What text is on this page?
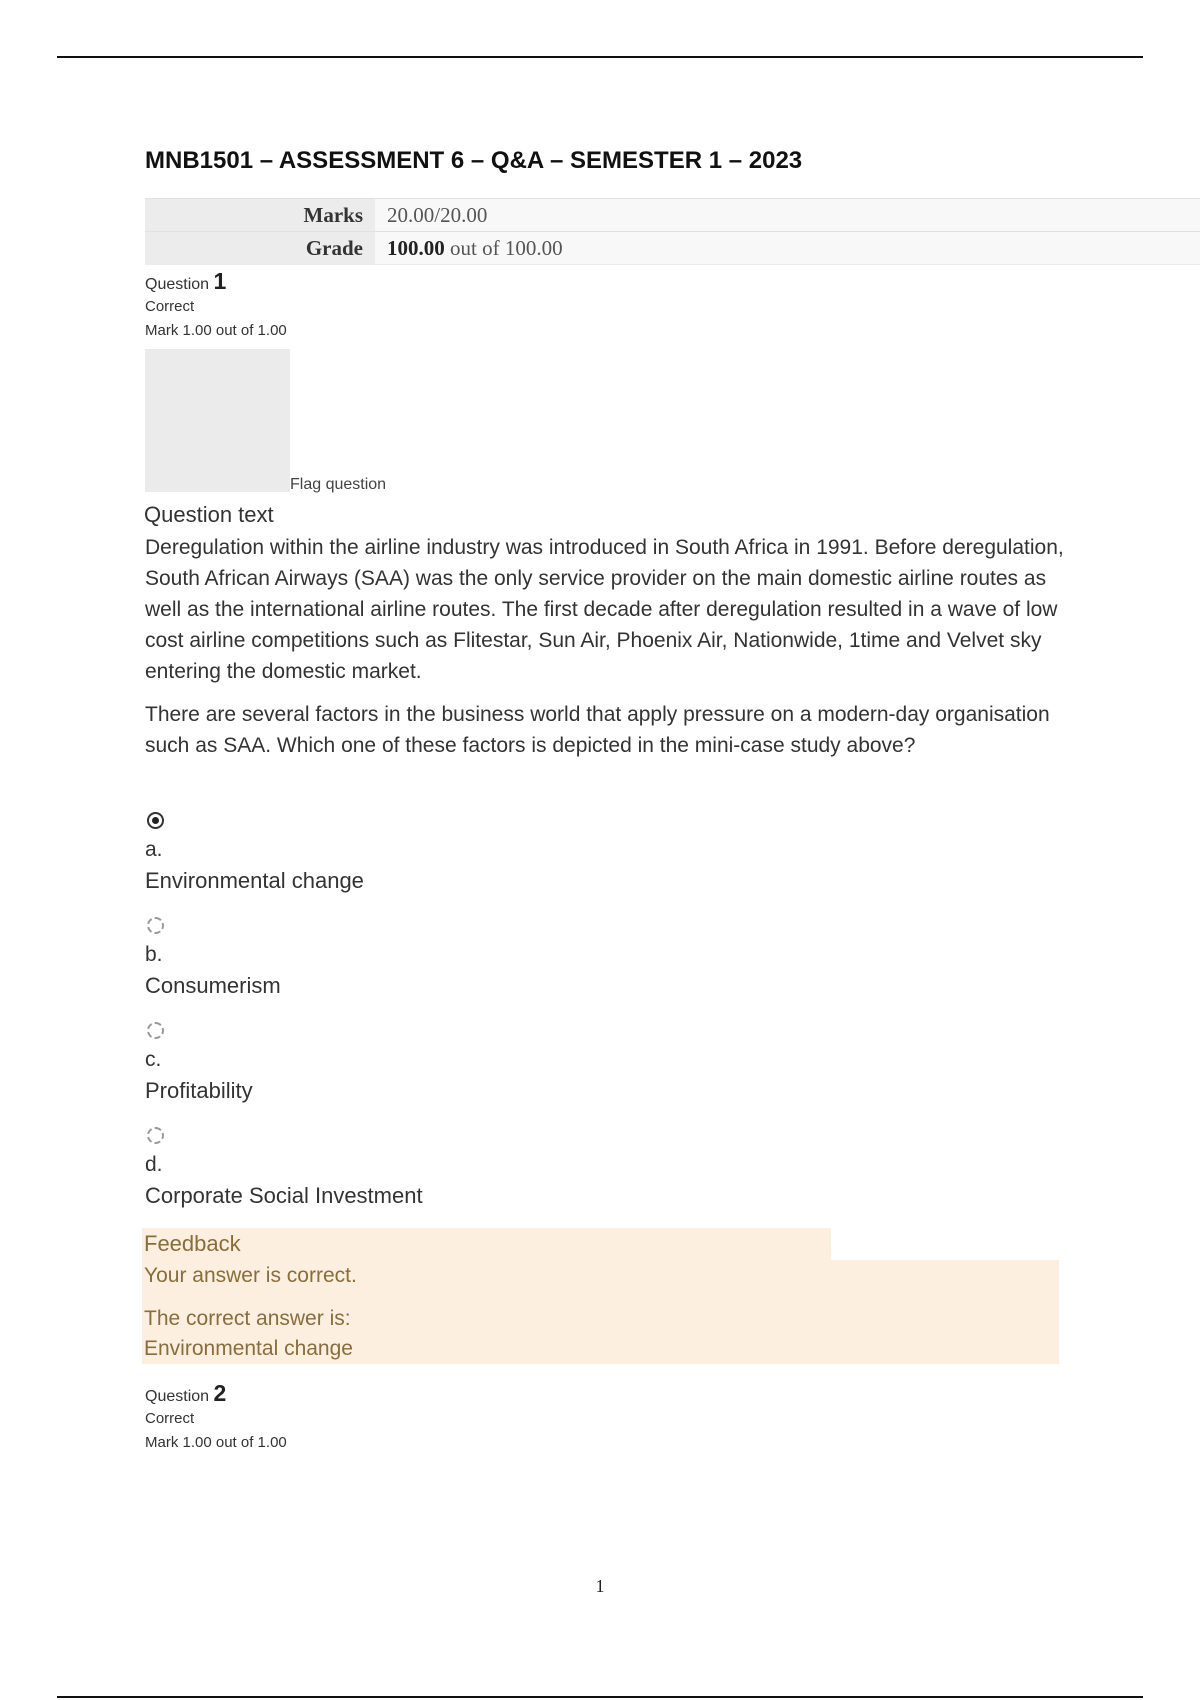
MNB1501 – ASSESSMENT 6 – Q&A – SEMESTER 1 – 2023
Marks	20.00/20.00
Grade	100.00 out of 100.00
Question 1
Correct
Mark 1.00 out of 1.00
Flag question
Question text

Deregulation within the airline industry was introduced in South Africa in 1991. Before deregulation, South African Airways (SAA) was the only service provider on the main domestic airline routes as well as the international airline routes. The first decade after deregulation resulted in a wave of low cost airline competitions such as Flitestar, Sun Air, Phoenix Air, Nationwide, 1time and Velvet sky entering the domestic market.

There are several factors in the business world that apply pressure on a modern-day organisation such as SAA. Which one of these factors is depicted in the mini-case study above?

a.
Environmental change
b.
Consumerism
c.
Profitability
d.
Corporate Social Investment
Feedback
Your answer is correct.
The correct answer is:
Environmental change
Question 2
Correct
Mark 1.00 out of 1.00
1
